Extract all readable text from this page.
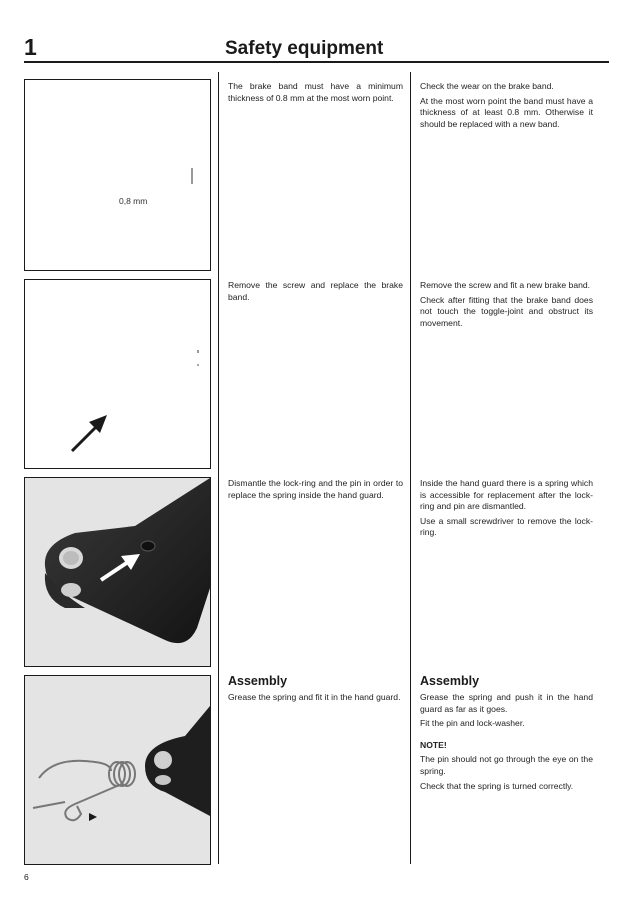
1	Safety equipment
0,8 mm

The brake band must have a minimum thickness of 0.8 mm at the most worn point.

Check the wear on the brake band.

At the most worn point the band must have a thickness of at least 0.8 mm. Otherwise it should be replaced with a new band.

Remove the screw and replace the brake band.

Remove the screw and fit a new brake band.

Check after fitting that the brake band does not touch the toggle-joint and obstruct its movement.

Dismantle the lock-ring and the pin in order to replace the spring inside the hand guard.

Inside the hand guard there is a spring which is accessible for replacement after the lock-ring and pin are dismantled.

Use a small screwdriver to remove the lock-ring.

Assembly

Grease the spring and fit it in the hand guard.

Assembly

Grease the spring and push it in the hand guard as far as it goes.

Fit the pin and lock-washer.

NOTE!

The pin should not go through the eye on the spring.

Check that the spring is turned correctly.

6
